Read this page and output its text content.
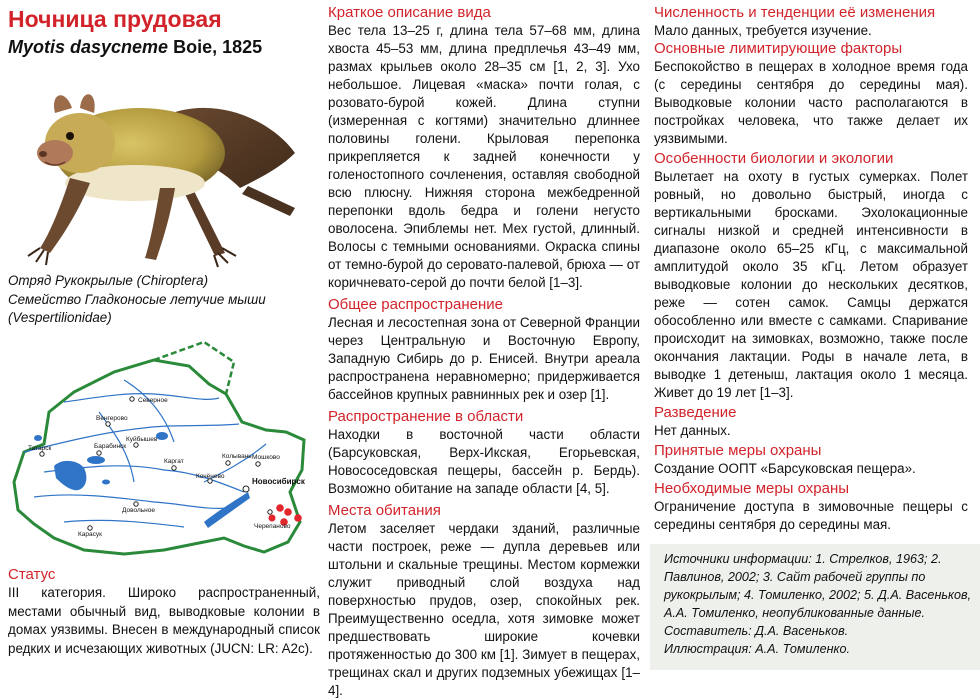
Ночница прудовая
Myotis dasycneme Boie, 1825
Отряд Рукокрылые (Chiroptera)
Семейство Гладконосые летучие мыши
(Vespertilionidae)
Северное
Татарск	Барабинск
Каргат
Колывань Мошково
Венгерово
Куйбышев
Кочёнево
Новосибирск
Довольное
Карасук
Черепаново

Статус

III категория. Широко распространенный, местами обычный вид, выводковые колонии в домах уязвимы. Внесен в международный список редких и исчезающих животных (JUCN: LR: A2c).

Краткое описание вида

Вес тела 13–25 г, длина тела 57–68 мм, длина хвоста 45–53 мм, длина предплечья 43–49 мм, размах крыльев около 28–35 см [1, 2, 3]. Ухо небольшое. Лицевая «маска» почти голая, с розовато-бурой кожей. Длина ступни (измеренная с когтями) значительно длиннее половины голени. Крыловая перепонка прикрепляется к задней конечности у голеностопного сочленения, оставляя свободной всю плюсну. Нижняя сторона межбедренной перепонки вдоль бедра и голени негусто оволосена. Эпиблемы нет. Мех густой, длинный. Волосы с темными основаниями. Окраска спины от темно-бурой до серовато-палевой, брюха — от коричневато-серой до почти белой [1–3].

Общее распространение

Лесная и лесостепная зона от Северной Франции через Центральную и Восточную Европу, Западную Сибирь до р. Енисей. Внутри ареала распространена неравномерно; придерживается бассейнов крупных равнинных рек и озер [1].

Распространение в области

Находки в восточной части области (Барсуковская, Верх-Икская, Егорьевская, Новососедовская пещеры, бассейн р. Бердь). Возможно обитание на западе области [4, 5].

Места обитания

Летом заселяет чердаки зданий, различные части построек, реже — дупла деревьев или штольни и скальные трещины. Местом кормежки служит приводный слой воздуха над поверхностью прудов, озер, спокойных рек. Преимущественно оседла, хотя зимовке может предшествовать широкие кочевки протяженностью до 300 км [1]. Зимует в пещерах, трещинах скал и других подземных убежищах [1–4].

Численность и тенденции её изменения

Мало данных, требуется изучение.

Основные лимитирующие факторы

Беспокойство в пещерах в холодное время года (с середины сентября до середины мая). Выводковые колонии часто располагаются в постройках человека, что также делает их уязвимыми.

Особенности биологии и экологии

Вылетает на охоту в густых сумерках. Полет ровный, но довольно быстрый, иногда с вертикальными бросками. Эхолокационные сигналы низкой и средней интенсивности в диапазоне около 65–25 кГц, с максимальной амплитудой около 35 кГц. Летом образует выводковые колонии до нескольких десятков, реже — сотен самок. Самцы держатся обособленно или вместе с самками. Спаривание происходит на зимовках, возможно, также после окончания лактации. Роды в начале лета, в выводке 1 детеныш, лактация около 1 месяца. Живет до 19 лет [1–3].

Разведение

Нет данных.

Принятые меры охраны

Создание ООПТ «Барсуковская пещера».

Необходимые меры охраны

Ограничение доступа в зимовочные пещеры с середины сентября до середины мая.

Источники информации: 1. Стрелков, 1963; 2. Павлинов, 2002; 3. Сайт рабочей группы по рукокрылым; 4. Томиленко, 2002; 5. Д.А. Васеньков, А.А. Томиленко, неопубликованные данные.
Составитель: Д.А. Васеньков.
Иллюстрация: А.А. Томиленко.
